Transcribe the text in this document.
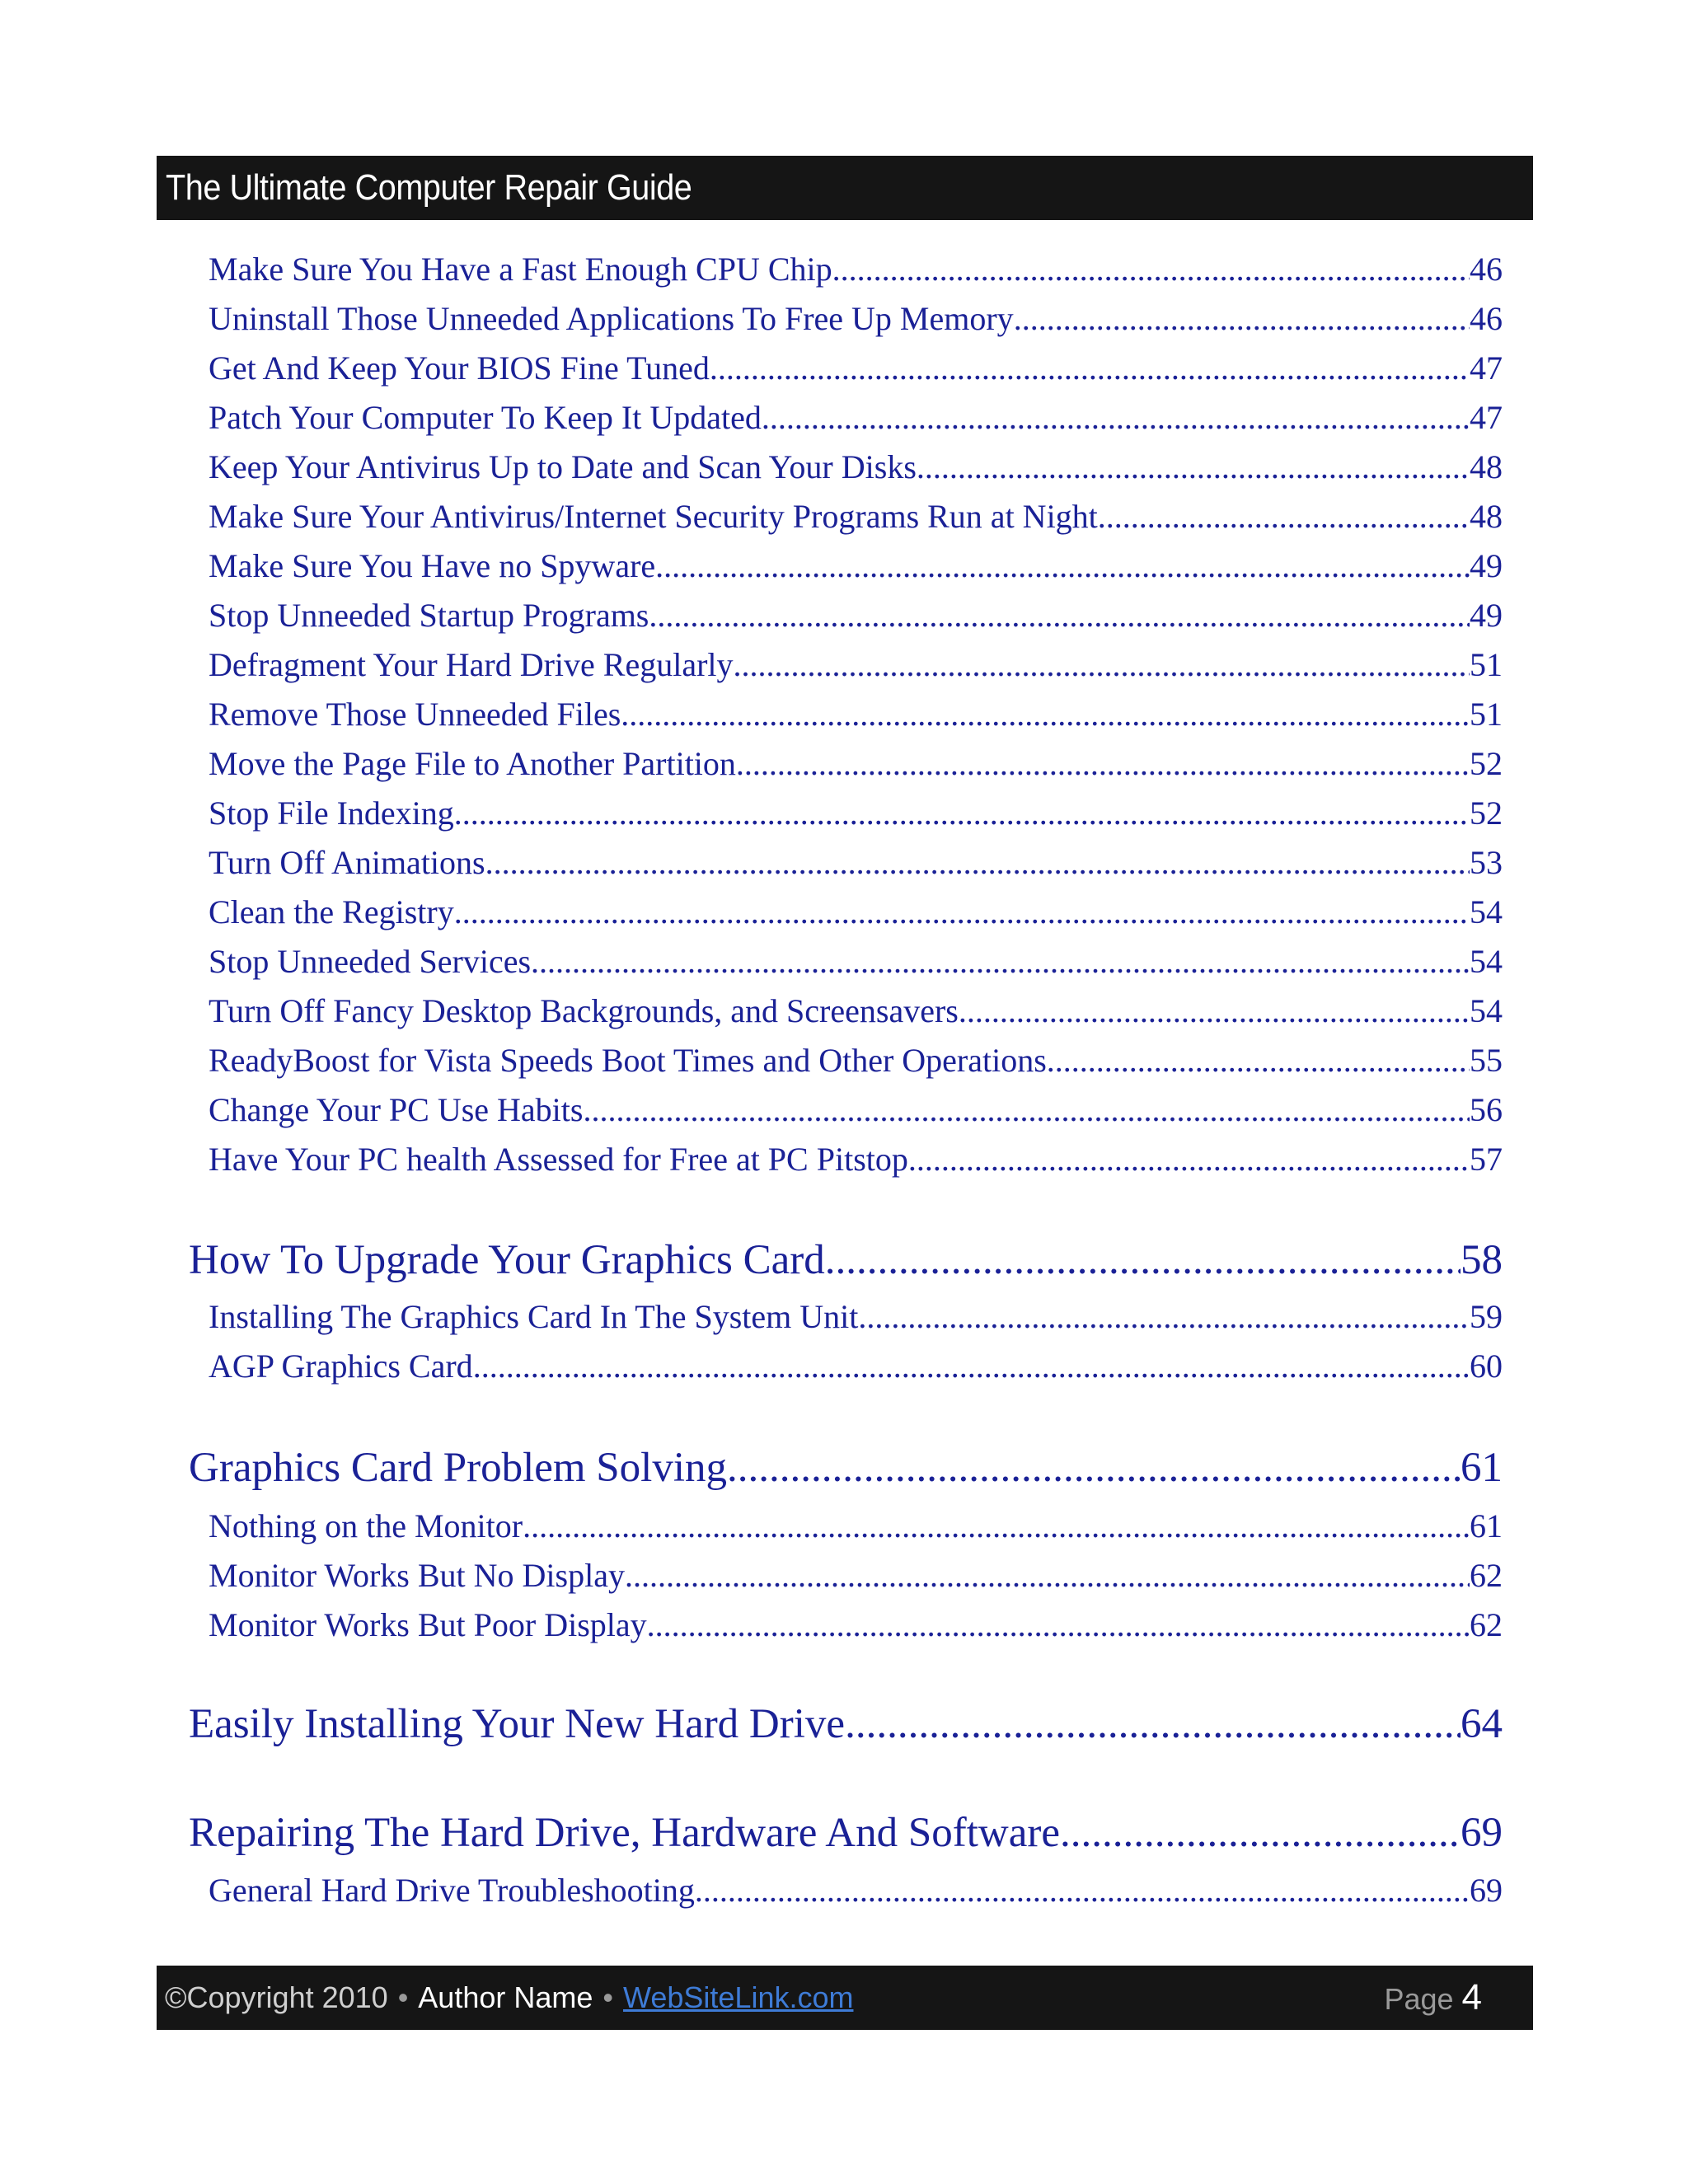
The Ultimate Computer Repair Guide
Make Sure You Have a Fast Enough CPU Chip .....	46
Uninstall Those Unneeded Applications To Free Up Memory .....	46
Get And Keep Your BIOS Fine Tuned .....	47
Patch Your Computer To Keep It Updated .....	47
Keep Your Antivirus Up to Date and Scan Your Disks .....	48
Make Sure Your Antivirus/Internet Security Programs Run at Night .....	48
Make Sure You Have no Spyware .....	49
Stop Unneeded Startup Programs .....	49
Defragment Your Hard Drive Regularly .....	51
Remove Those Unneeded Files .....	51
Move the Page File to Another Partition .....	52
Stop File Indexing .....	52
Turn Off Animations .....	53
Clean the Registry .....	54
Stop Unneeded Services .....	54
Turn Off Fancy Desktop Backgrounds, and Screensavers .....	54
ReadyBoost for Vista Speeds Boot Times and Other Operations .....	55
Change Your PC Use Habits .....	56
Have Your PC health Assessed for Free at PC Pitstop .....	57
How To Upgrade Your Graphics Card .....	58
Installing The Graphics Card In The System Unit .....	59
AGP Graphics Card .....	60
Graphics Card Problem Solving .....	61
Nothing on the Monitor .....	61
Monitor Works But No Display .....	62
Monitor Works But Poor Display .....	62
Easily Installing Your New Hard Drive .....	64
Repairing The Hard Drive, Hardware And Software .....	69
General Hard Drive Troubleshooting .....	69
©Copyright 2010 • Author Name • WebSiteLink.com	Page 4
